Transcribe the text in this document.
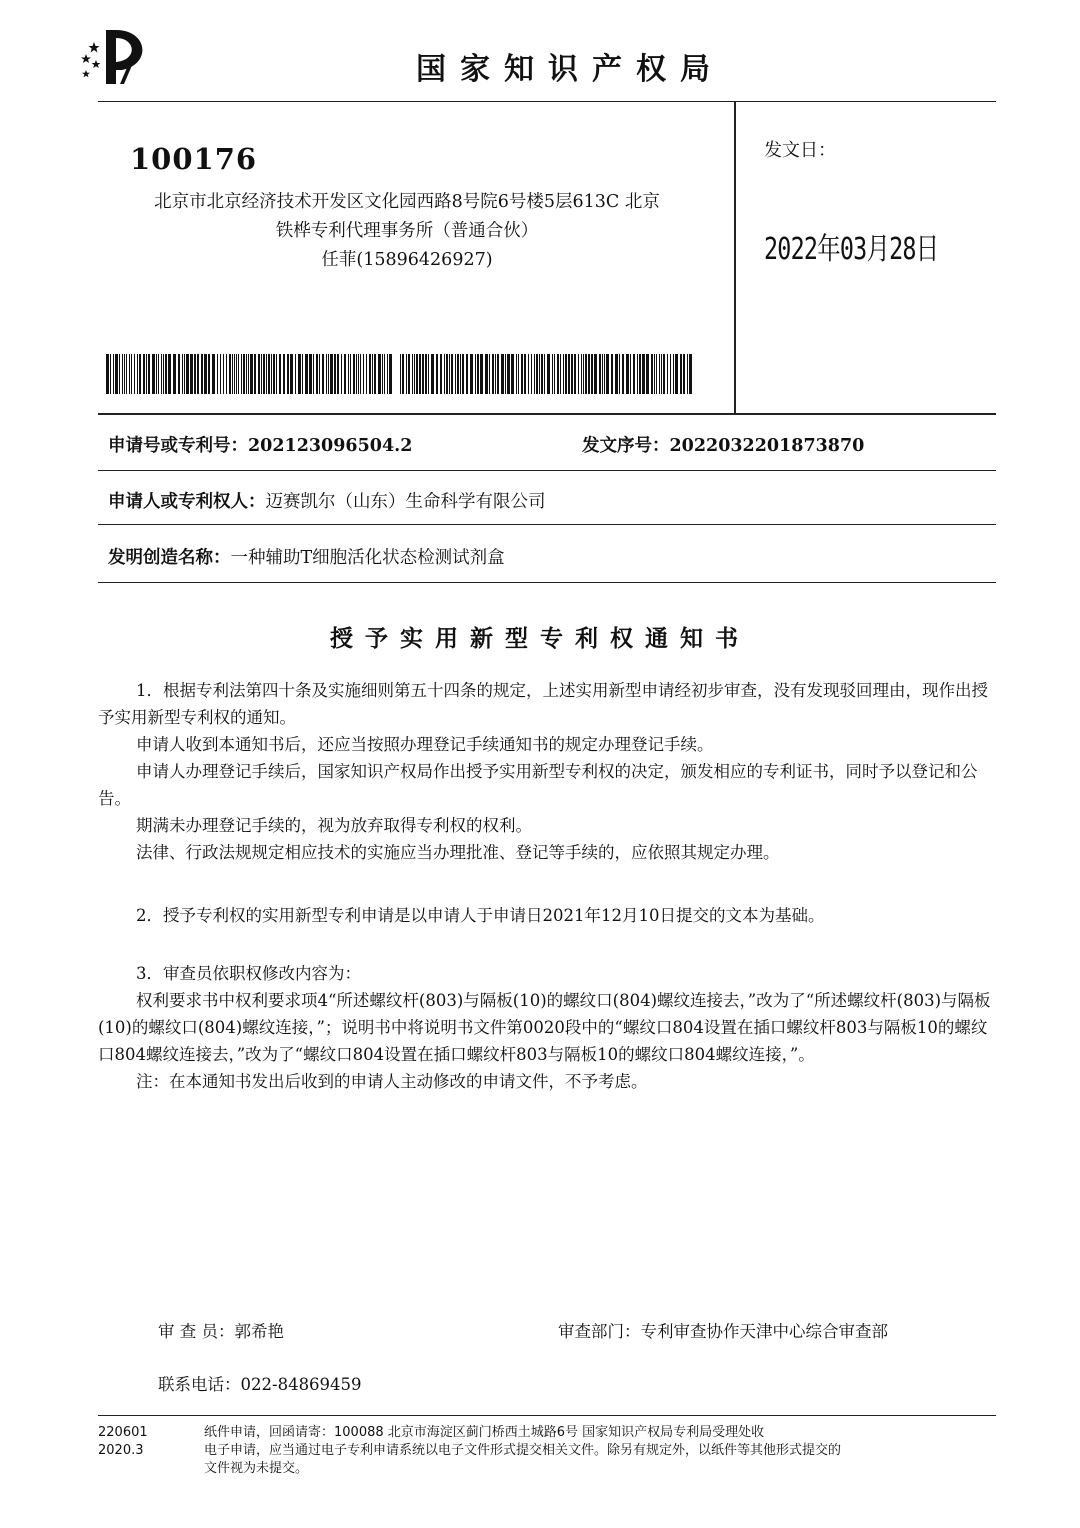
国家知识产权局
100176
北京市北京经济技术开发区文化园西路8号院6号楼5层613C 北京
铁桦专利代理事务所（普通合伙）
任菲(15896426927)
发文日：
2022年03月28日
申请号或专利号：202123096504.2	发文序号：2022032201873870
申请人或专利权人：迈赛凯尔（山东）生命科学有限公司
发明创造名称：一种辅助T细胞活化状态检测试剂盒
授予实用新型专利权通知书

1．根据专利法第四十条及实施细则第五十四条的规定，上述实用新型申请经初步审查，没有发现驳回理由，现作出授予实用新型专利权的通知。

申请人收到本通知书后，还应当按照办理登记手续通知书的规定办理登记手续。

申请人办理登记手续后，国家知识产权局作出授予实用新型专利权的决定，颁发相应的专利证书，同时予以登记和公告。

期满未办理登记手续的，视为放弃取得专利权的权利。

法律、行政法规规定相应技术的实施应当办理批准、登记等手续的，应依照其规定办理。

2．授予专利权的实用新型专利申请是以申请人于申请日2021年12月10日提交的文本为基础。

3．审查员依职权修改内容为：

权利要求书中权利要求项4“所述螺纹杆(803)与隔板(10)的螺纹口(804)螺纹连接去，”改为了“所述螺纹杆(803)与隔板(10)的螺纹口(804)螺纹连接，”；说明书中将说明书文件第0020段中的“螺纹口804设置在插口螺纹杆803与隔板10的螺纹口804螺纹连接去，”改为了“螺纹口804设置在插口螺纹杆803与隔板10的螺纹口804螺纹连接，”。

注：在本通知书发出后收到的申请人主动修改的申请文件，不予考虑。

审 查 员：郭希艳	审查部门：专利审查协作天津中心综合审查部
联系电话：022-84869459
220601
2020.3
纸件申请，回函请寄：100088 北京市海淀区蓟门桥西土城路6号 国家知识产权局专利局受理处收
电子申请，应当通过电子专利申请系统以电子文件形式提交相关文件。除另有规定外，以纸件等其他形式提交的
文件视为未提交。
